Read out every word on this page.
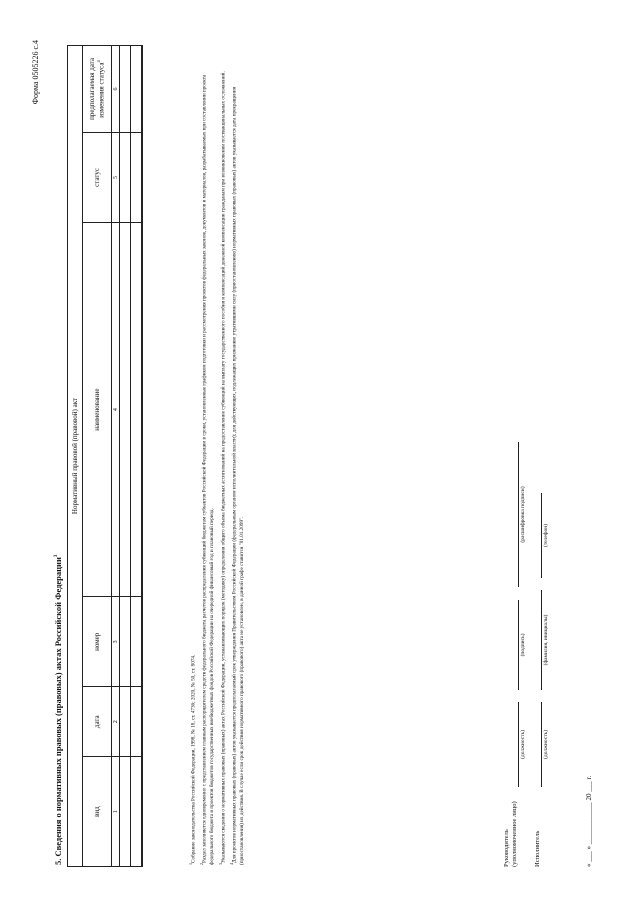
Форма 0505226 с.4
5. Сведения о нормативных правовых (правовых) актах Российской Федерации$^3$
Нормативный правовой (правовой) акт					
вид	дата	номер	наименование	статус	предполагаемая дата изменения статуса$^4$
1	2	3	4	5	6

$^1$Собрание законодательства Российской Федерации, 1998, № 18, ст. 4736; 2020, № 50, ст. 8074.

$^2$Раздел заполняется одновременно с представлением главным распорядителем средств федерального бюджета расчетов распределения субвенций бюджетам субъектов Российской Федерации в сроки, установленные графиком подготовки и рассмотрения проектов федеральных законов, документов и материалов, разрабатываемых при составлении проекта федерального бюджета и проектов бюджетов государственных внебюджетных фондов Российской Федерации на очередной финансовый год и плановый период. $^3$Указываются сведения о нормативных правовых (правовых) актах Российской Федерации, устанавливающих порядок (методику) определения общего объема бюджетных ассигнований на предоставление субвенций на выплату государственного пособия и компенсаций денежной компенсации гражданам при возникновении поствакцинальных осложнений.

$^4$Для проектов нормативных правовых (правовых) актов указывается предполагаемый срок утверждения Правительством Российской Федерации (федеральным органом исполнительной власти); для действующих, подлежащих признанию утратившими силу (приостановлению) нормативных правовых (правовых) актов указывается дата прекращения (приостановления) их действия. В случае если срок действия нормативного правового (правового) акта не установлен, в данной графе ставится "01.01.2099".	Руководитель (уполномоченное лицо)
(должность)
(подпись)
(расшифровка подписи)
Исполнитель
(должность)
(фамилия, инициалы)
(телефон)
« ___ » ____________ 20 ___ г.
